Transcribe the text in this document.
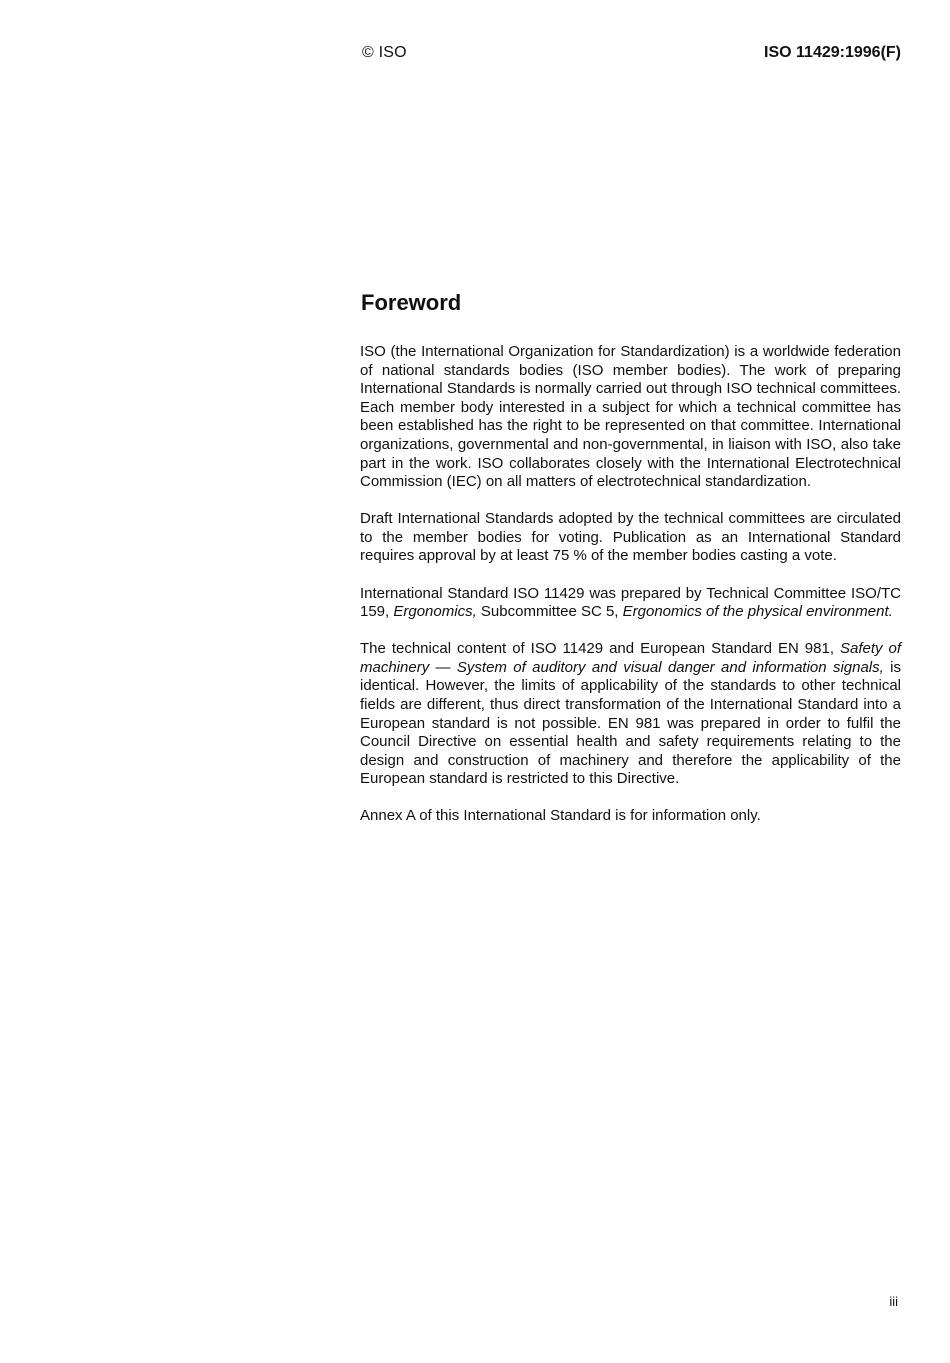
© ISO	ISO 11429:1996(F)
Foreword

ISO (the International Organization for Standardization) is a worldwide federation of national standards bodies (ISO member bodies). The work of preparing International Standards is normally carried out through ISO technical committees. Each member body interested in a subject for which a technical committee has been established has the right to be represented on that committee. International organizations, governmental and non-governmental, in liaison with ISO, also take part in the work. ISO collaborates closely with the International Electrotechnical Commission (IEC) on all matters of electrotechnical standardization.

Draft International Standards adopted by the technical committees are circulated to the member bodies for voting. Publication as an International Standard requires approval by at least 75 % of the member bodies casting a vote.

International Standard ISO 11429 was prepared by Technical Committee ISO/TC 159, Ergonomics, Subcommittee SC 5, Ergonomics of the physical environment.

The technical content of ISO 11429 and European Standard EN 981, Safety of machinery — System of auditory and visual danger and information signals, is identical. However, the limits of applicability of the standards to other technical fields are different, thus direct transformation of the International Standard into a European standard is not possible. EN 981 was prepared in order to fulfil the Council Directive on essential health and safety requirements relating to the design and construction of machinery and therefore the applicability of the European standard is restricted to this Directive.

Annex A of this International Standard is for information only.

iii
